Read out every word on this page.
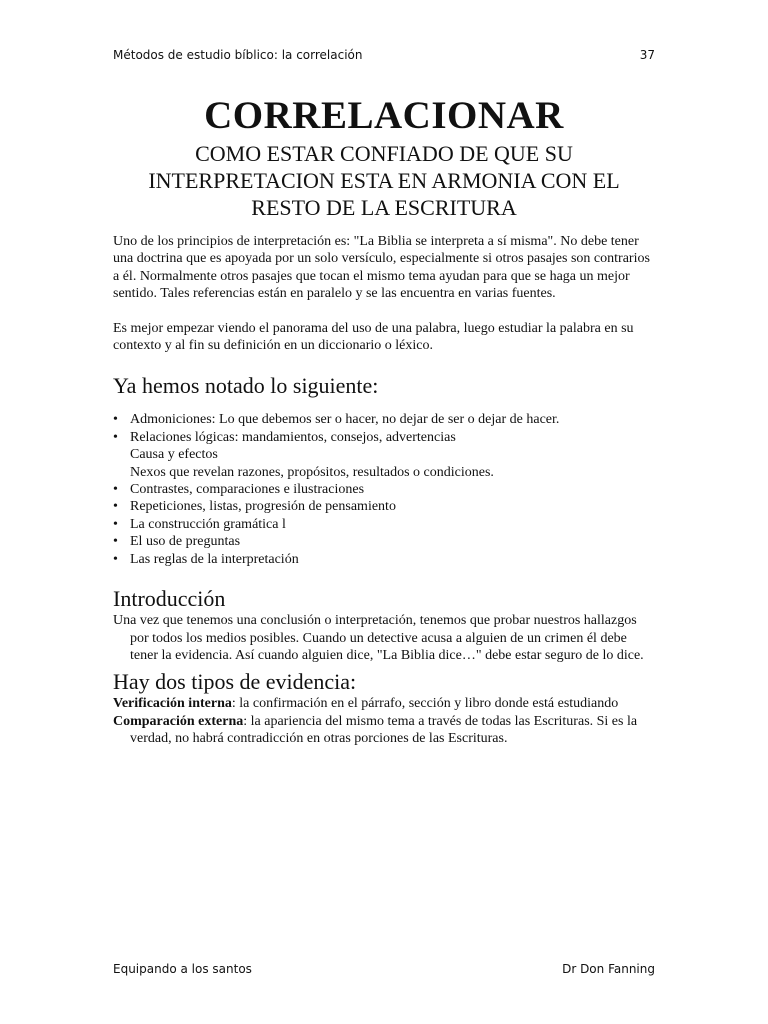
Métodos de estudio bíblico: la correlación	37
CORRELACIONAR
COMO ESTAR CONFIADO DE QUE SU
INTERPRETACION ESTA EN ARMONIA CON EL
RESTO DE LA ESCRITURA

Uno de los principios de interpretación es: "La Biblia se interpreta a sí misma". No debe tener una doctrina que es apoyada por un solo versículo, especialmente si otros pasajes son contrarios a él. Normalmente otros pasajes que tocan el mismo tema ayudan para que se haga un mejor sentido. Tales referencias están en paralelo y se las encuentra en varias fuentes.

Es mejor empezar viendo el panorama del uso de una palabra, luego estudiar la palabra en su contexto y al fin su definición en un diccionario o léxico.

Ya hemos notado lo siguiente:
• Admoniciones: Lo que debemos ser o hacer, no dejar de ser o dejar de hacer.
• Relaciones lógicas: mandamientos, consejos, advertencias
Causa y efectos
Nexos que revelan razones, propósitos, resultados o condiciones.
• Contrastes, comparaciones e ilustraciones
• Repeticiones, listas, progresión de pensamiento
• La construcción gramática l
• El uso de preguntas
• Las reglas de la interpretación
Introducción

Una vez que tenemos una conclusión o interpretación, tenemos que probar nuestros hallazgos por todos los medios posibles. Cuando un detective acusa a alguien de un crimen él debe tener la evidencia. Así cuando alguien dice, "La Biblia dice…" debe estar seguro de lo dice.

Hay dos tipos de evidencia:

Verificación interna: la confirmación en el párrafo, sección y libro donde está estudiando

Comparación externa: la apariencia del mismo tema a través de todas las Escrituras. Si es la verdad, no habrá contradicción en otras porciones de las Escrituras.

Equipando a los santos	Dr Don Fanning
